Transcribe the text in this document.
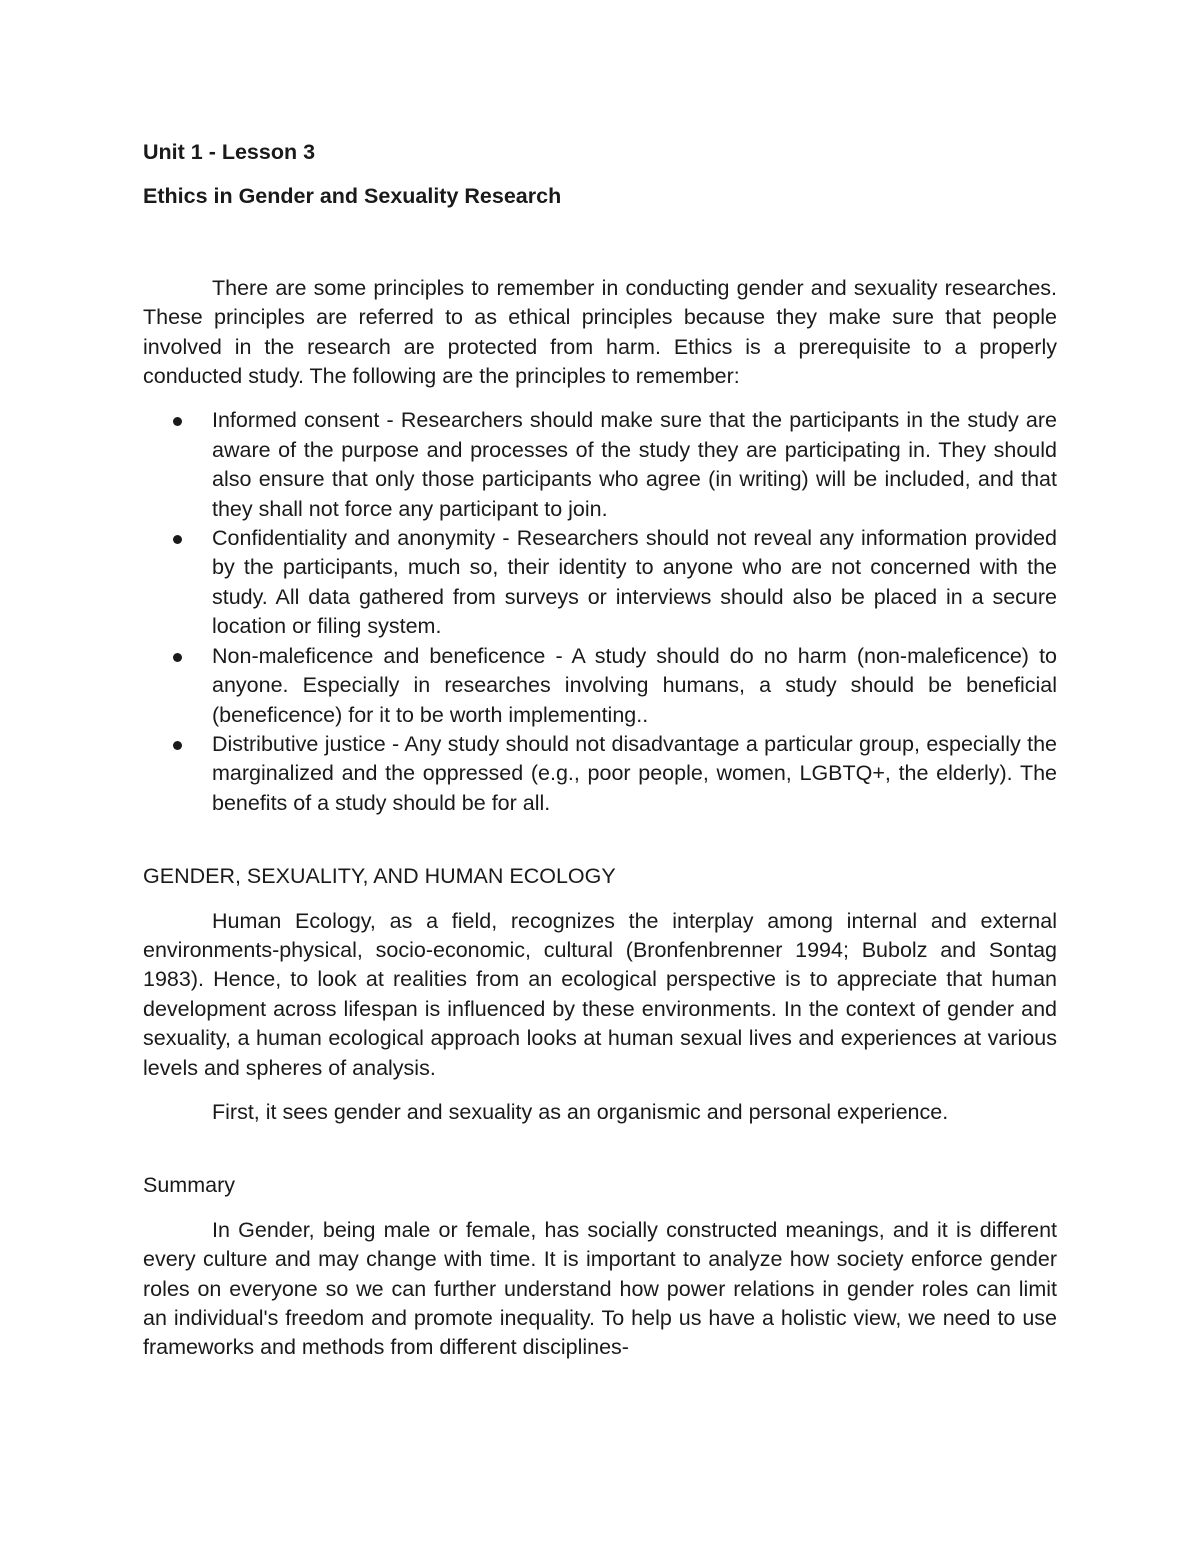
Unit 1 - Lesson 3

Ethics in Gender and Sexuality Research

There are some principles to remember in conducting gender and sexuality researches. These principles are referred to as ethical principles because they make sure that people involved in the research are protected from harm. Ethics is a prerequisite to a properly conducted study. The following are the principles to remember:

Informed consent - Researchers should make sure that the participants in the study are aware of the purpose and processes of the study they are participating in. They should also ensure that only those participants who agree (in writing) will be included, and that they shall not force any participant to join.
Confidentiality and anonymity - Researchers should not reveal any information provided by the participants, much so, their identity to anyone who are not concerned with the study. All data gathered from surveys or interviews should also be placed in a secure location or filing system.
Non-maleficence and beneficence - A study should do no harm (non-maleficence) to anyone. Especially in researches involving humans, a study should be beneficial (beneficence) for it to be worth implementing..
Distributive justice - Any study should not disadvantage a particular group, especially the marginalized and the oppressed (e.g., poor people, women, LGBTQ+, the elderly). The benefits of a study should be for all.

GENDER, SEXUALITY, AND HUMAN ECOLOGY

Human Ecology, as a field, recognizes the interplay among internal and external environments-physical, socio-economic, cultural (Bronfenbrenner 1994; Bubolz and Sontag 1983). Hence, to look at realities from an ecological perspective is to appreciate that human development across lifespan is influenced by these environments. In the context of gender and sexuality, a human ecological approach looks at human sexual lives and experiences at various levels and spheres of analysis.

First, it sees gender and sexuality as an organismic and personal experience.

Summary

In Gender, being male or female, has socially constructed meanings, and it is different every culture and may change with time. It is important to analyze how society enforce gender roles on everyone so we can further understand how power relations in gender roles can limit an individual's freedom and promote inequality. To help us have a holistic view, we need to use frameworks and methods from different disciplines-
